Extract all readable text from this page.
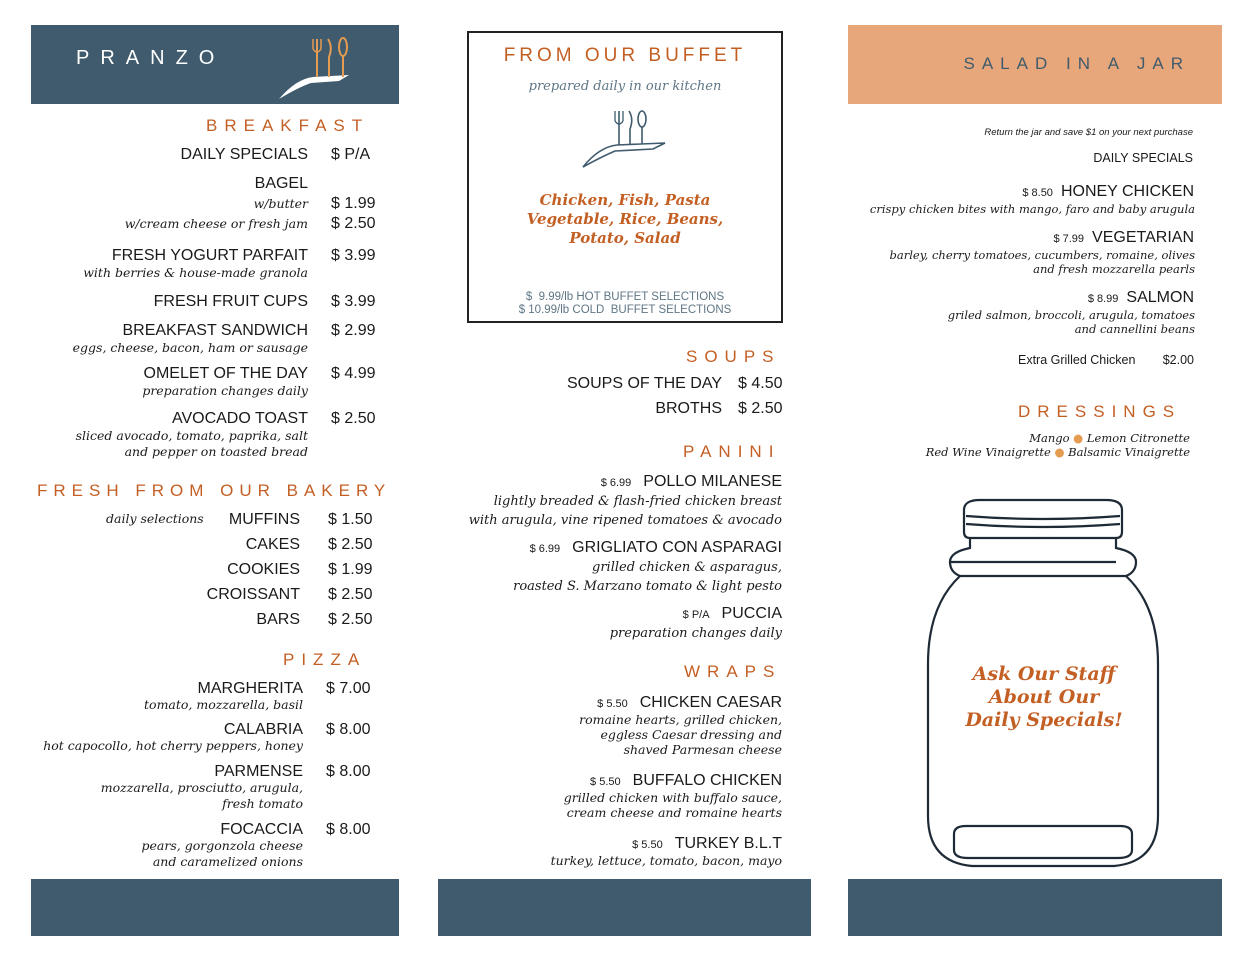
PRANZO
BREAKFAST
DAILY SPECIALS $ P/A
BAGEL
w/butter $ 1.99
w/cream cheese or fresh jam $ 2.50
FRESH YOGURT PARFAIT $ 3.99
with berries & house-made granola
FRESH FRUIT CUPS $ 3.99
BREAKFAST SANDWICH $ 2.99
eggs, cheese, bacon, ham or sausage
OMELET OF THE DAY $ 4.99
preparation changes daily
AVOCADO TOAST $ 2.50
sliced avocado, tomato, paprika, salt
and pepper on toasted bread
FRESH FROM OUR BAKERY
daily selections MUFFINS $ 1.50
CAKES $ 2.50
COOKIES $ 1.99
CROISSANT $ 2.50
BARS $ 2.50
PIZZA
MARGHERITA $ 7.00
tomato, mozzarella, basil
CALABRIA $ 8.00
hot capocollo, hot cherry peppers, honey
PARMENSE $ 8.00
mozzarella, prosciutto, arugula,
fresh tomato
FOCACCIA $ 8.00
pears, gorgonzola cheese
and caramelized onions
FROM OUR BUFFET
prepared daily in our kitchen
Chicken, Fish, Pasta
Vegetable, Rice, Beans,
Potato, Salad
$  9.99/lb HOT BUFFET SELECTIONS
$ 10.99/lb COLD  BUFFET SELECTIONS
SOUPS
SOUPS OF THE DAY $ 4.50
BROTHS $ 2.50
PANINI
$ 6.99 POLLO MILANESE
lightly breaded & flash-fried chicken breast
with arugula, vine ripened tomatoes & avocado
$ 6.99 GRIGLIATO CON ASPARAGI
grilled chicken & asparagus,
roasted S. Marzano tomato & light pesto
$ P/A PUCCIA
preparation changes daily
WRAPS
$ 5.50 CHICKEN CAESAR
romaine hearts, grilled chicken,
eggless Caesar dressing and
shaved Parmesan cheese
$ 5.50 BUFFALO CHICKEN
grilled chicken with buffalo sauce,
cream cheese and romaine hearts
$ 5.50 TURKEY B.L.T
turkey, lettuce, tomato, bacon, mayo
SALAD IN A JAR
Return the jar and save $1 on your next purchase
DAILY SPECIALS
$ 8.50 HONEY CHICKEN
crispy chicken bites with mango, faro and baby arugula
$ 7.99 VEGETARIAN
barley, cherry tomatoes, cucumbers, romaine, olives
and fresh mozzarella pearls
$ 8.99 SALMON
griled salmon, broccoli, arugula, tomatoes
and cannellini beans
Extra Grilled Chicken $2.00
DRESSINGS
Mango ● Lemon Citronette
Red Wine Vinaigrette ● Balsamic Vinaigrette
Ask Our Staff
About Our
Daily Specials!
